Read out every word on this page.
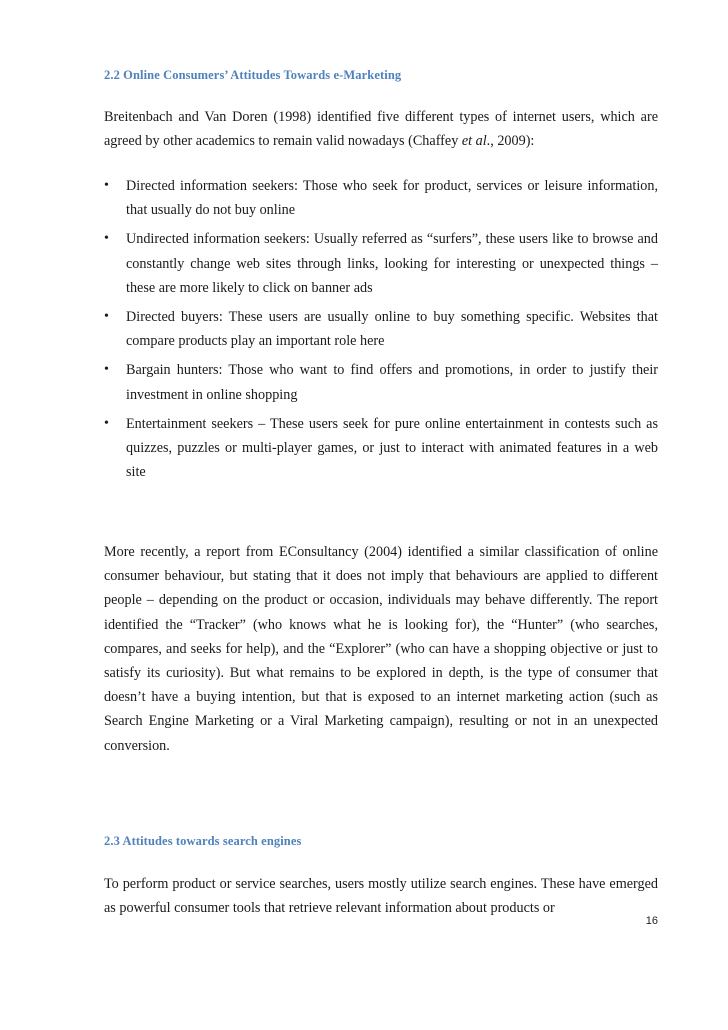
2.2 Online Consumers’ Attitudes Towards e-Marketing

Breitenbach and Van Doren (1998) identified five different types of internet users, which are agreed by other academics to remain valid nowadays (Chaffey et al., 2009):

• Directed information seekers: Those who seek for product, services or leisure information, that usually do not buy online
• Undirected information seekers: Usually referred as “surfers”, these users like to browse and constantly change web sites through links, looking for interesting or unexpected things – these are more likely to click on banner ads
• Directed buyers: These users are usually online to buy something specific. Websites that compare products play an important role here
• Bargain hunters: Those who want to find offers and promotions, in order to justify their investment in online shopping
• Entertainment seekers – These users seek for pure online entertainment in contests such as quizzes, puzzles or multi-player games, or just to interact with animated features in a web site

More recently, a report from EConsultancy (2004) identified a similar classification of online consumer behaviour, but stating that it does not imply that behaviours are applied to different people – depending on the product or occasion, individuals may behave differently. The report identified the “Tracker” (who knows what he is looking for), the “Hunter” (who searches, compares, and seeks for help), and the “Explorer” (who can have a shopping objective or just to satisfy its curiosity). But what remains to be explored in depth, is the type of consumer that doesn’t have a buying intention, but that is exposed to an internet marketing action (such as Search Engine Marketing or a Viral Marketing campaign), resulting or not in an unexpected conversion.

2.3 Attitudes towards search engines

To perform product or service searches, users mostly utilize search engines. These have emerged as powerful consumer tools that retrieve relevant information about products or

16
